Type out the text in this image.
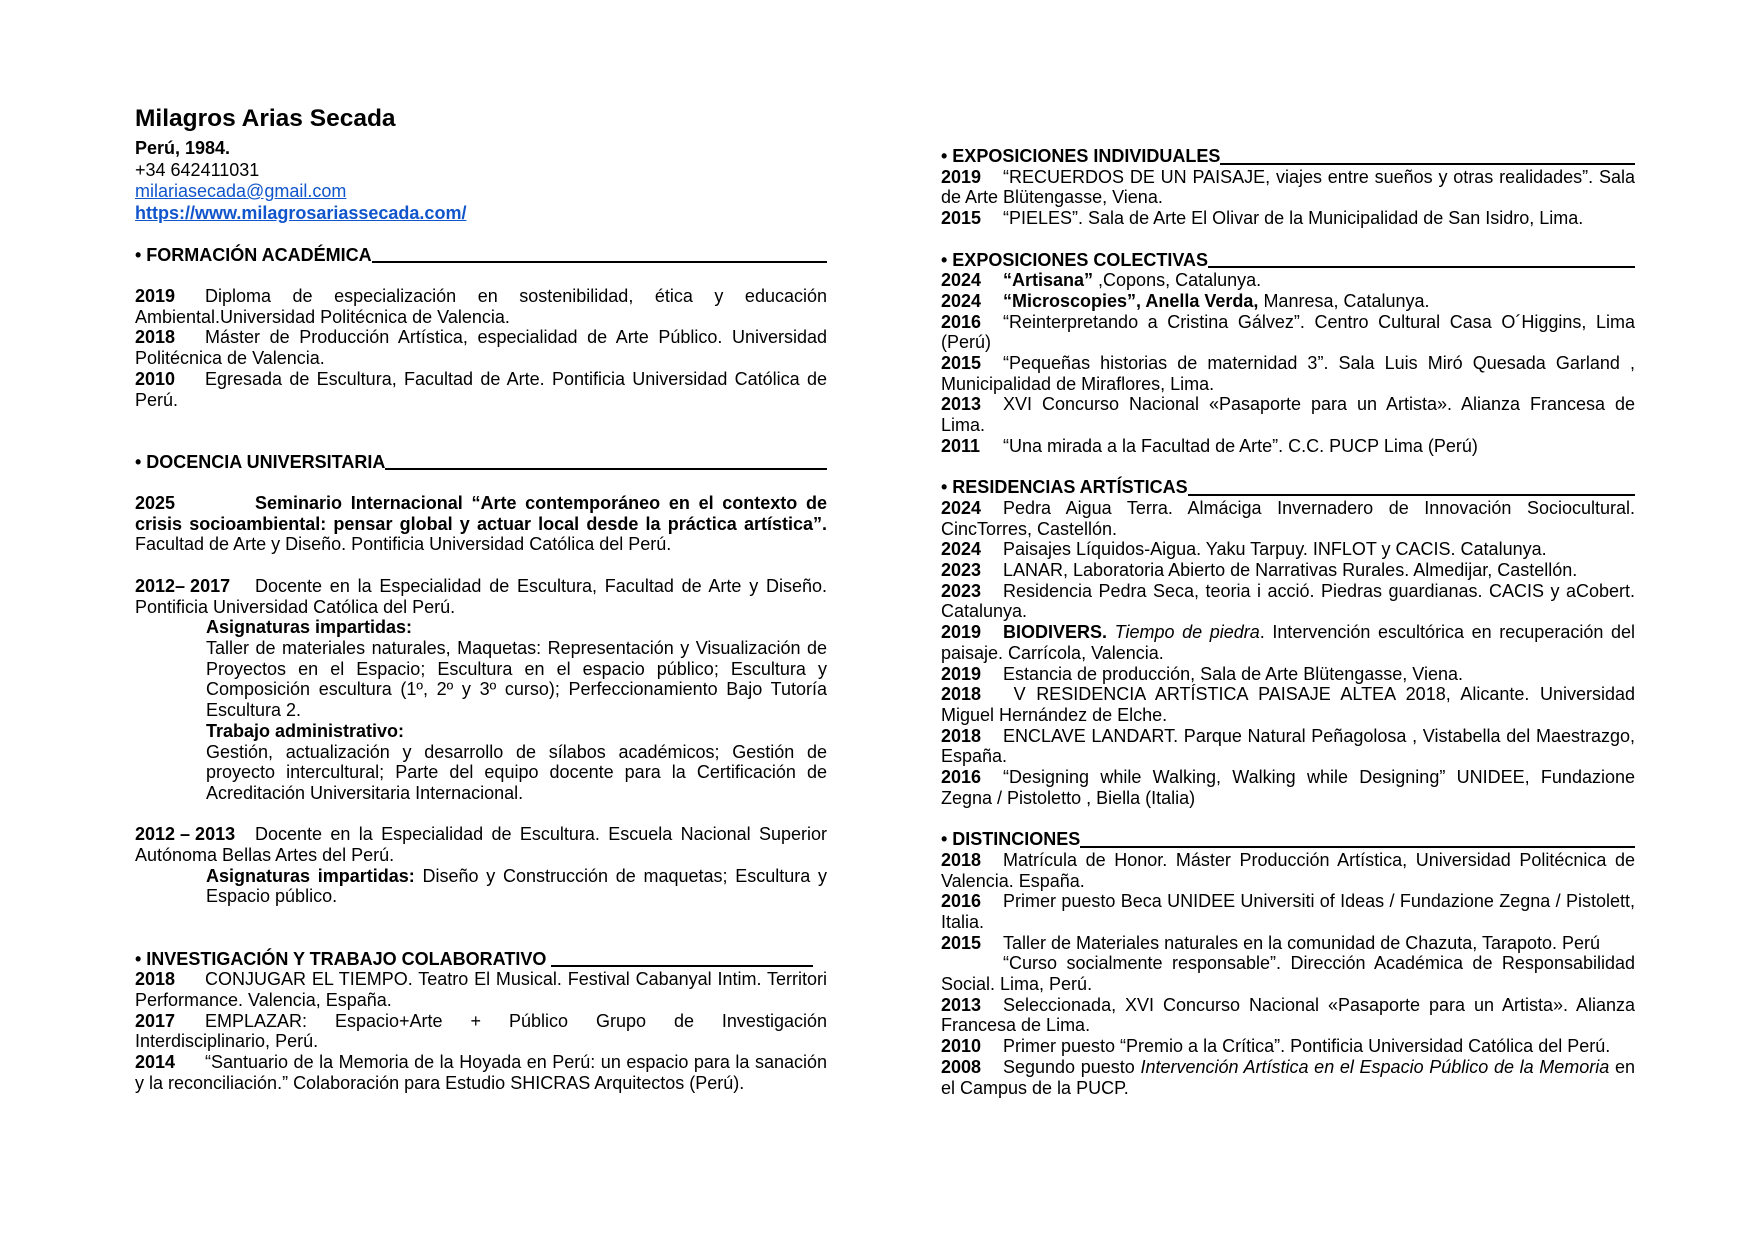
Milagros Arias Secada

Perú, 1984.

+34 642411031

milariasecada@gmail.com

https://www.milagrosariassecada.com/

• FORMACIÓN ACADÉMICA

2019 Diploma de especialización en sostenibilidad, ética y educación Ambiental.Universidad Politécnica de Valencia.

2018 Máster de Producción Artística, especialidad de Arte Público. Universidad Politécnica de Valencia.

2010 Egresada de Escultura, Facultad de Arte. Pontificia Universidad Católica de Perú.

• DOCENCIA UNIVERSITARIA

2025	Seminario Internacional “Arte contemporáneo en el contexto de crisis socioambiental: pensar global y actuar local desde la práctica artística”. Facultad de Arte y Diseño. Pontificia Universidad Católica del Perú.

2012– 2017 Docente en la Especialidad de Escultura, Facultad de Arte y Diseño. Pontificia Universidad Católica del Perú.

Asignaturas impartidas:

Taller de materiales naturales, Maquetas: Representación y Visualización de Proyectos en el Espacio; Escultura en el espacio público; Escultura y Composición escultura (1º, 2º y 3º curso); Perfeccionamiento Bajo Tutoría Escultura 2.

Trabajo administrativo:

Gestión, actualización y desarrollo de sílabos académicos; Gestión de proyecto intercultural; Parte del equipo docente para la Certificación de Acreditación Universitaria Internacional.

2012 – 2013 Docente en la Especialidad de Escultura. Escuela Nacional Superior Autónoma Bellas Artes del Perú.

Asignaturas impartidas: Diseño y Construcción de maquetas; Escultura y Espacio público.

• INVESTIGACIÓN Y TRABAJO COLABORATIVO

2018 CONJUGAR EL TIEMPO. Teatro El Musical. Festival Cabanyal Intim. Territori Performance. Valencia, España.

2017 EMPLAZAR: Espacio+Arte + Público Grupo de Investigación Interdisciplinario, Perú.

2014 “Santuario de la Memoria de la Hoyada en Perú: un espacio para la sanación y la reconciliación.” Colaboración para Estudio SHICRAS Arquitectos (Perú).

• EXPOSICIONES INDIVIDUALES

2019 “RECUERDOS DE UN PAISAJE, viajes entre sueños y otras realidades”. Sala de Arte Blütengasse, Viena.

2015 “PIELES”. Sala de Arte El Olivar de la Municipalidad de San Isidro, Lima.

• EXPOSICIONES COLECTIVAS

2024 “Artisana” ,Copons, Catalunya.

2024 “Microscopies”, Anella Verda, Manresa, Catalunya.

2016 “Reinterpretando a Cristina Gálvez”. Centro Cultural Casa O´Higgins, Lima (Perú)

2015 “Pequeñas historias de maternidad 3”. Sala Luis Miró Quesada Garland , Municipalidad de Miraflores, Lima.

2013 XVI Concurso Nacional «Pasaporte para un Artista». Alianza Francesa de Lima.

2011 “Una mirada a la Facultad de Arte”. C.C. PUCP Lima (Perú)

• RESIDENCIAS ARTÍSTICAS

2024 Pedra Aigua Terra. Almáciga Invernadero de Innovación Sociocultural. CincTorres, Castellón.

2024 Paisajes Líquidos-Aigua. Yaku Tarpuy. INFLOT y CACIS. Catalunya.

2023 LANAR, Laboratoria Abierto de Narrativas Rurales. Almedijar, Castellón.

2023 Residencia Pedra Seca, teoria i acció. Piedras guardianas. CACIS y aCobert. Catalunya.

2019 BIODIVERS. Tiempo de piedra. Intervención escultórica en recuperación del paisaje. Carrícola, Valencia.

2019 Estancia de producción, Sala de Arte Blütengasse, Viena.

2018 V RESIDENCIA ARTÍSTICA PAISAJE ALTEA 2018, Alicante. Universidad Miguel Hernández de Elche.

2018 ENCLAVE LANDART. Parque Natural Peñagolosa , Vistabella del Maestrazgo, España.

2016 “Designing while Walking, Walking while Designing” UNIDEE, Fundazione Zegna / Pistoletto , Biella (Italia)

• DISTINCIONES

2018 Matrícula de Honor. Máster Producción Artística, Universidad Politécnica de Valencia. España.

2016 Primer puesto Beca UNIDEE Universiti of Ideas / Fundazione Zegna / Pistolett, Italia.

2015 Taller de Materiales naturales en la comunidad de Chazuta, Tarapoto. Perú

“Curso socialmente responsable”. Dirección Académica de Responsabilidad Social. Lima, Perú.

2013 Seleccionada, XVI Concurso Nacional «Pasaporte para un Artista». Alianza Francesa de Lima.

2010 Primer puesto “Premio a la Crítica”. Pontificia Universidad Católica del Perú.

2008 Segundo puesto Intervención Artística en el Espacio Público de la Memoria en el Campus de la PUCP.
